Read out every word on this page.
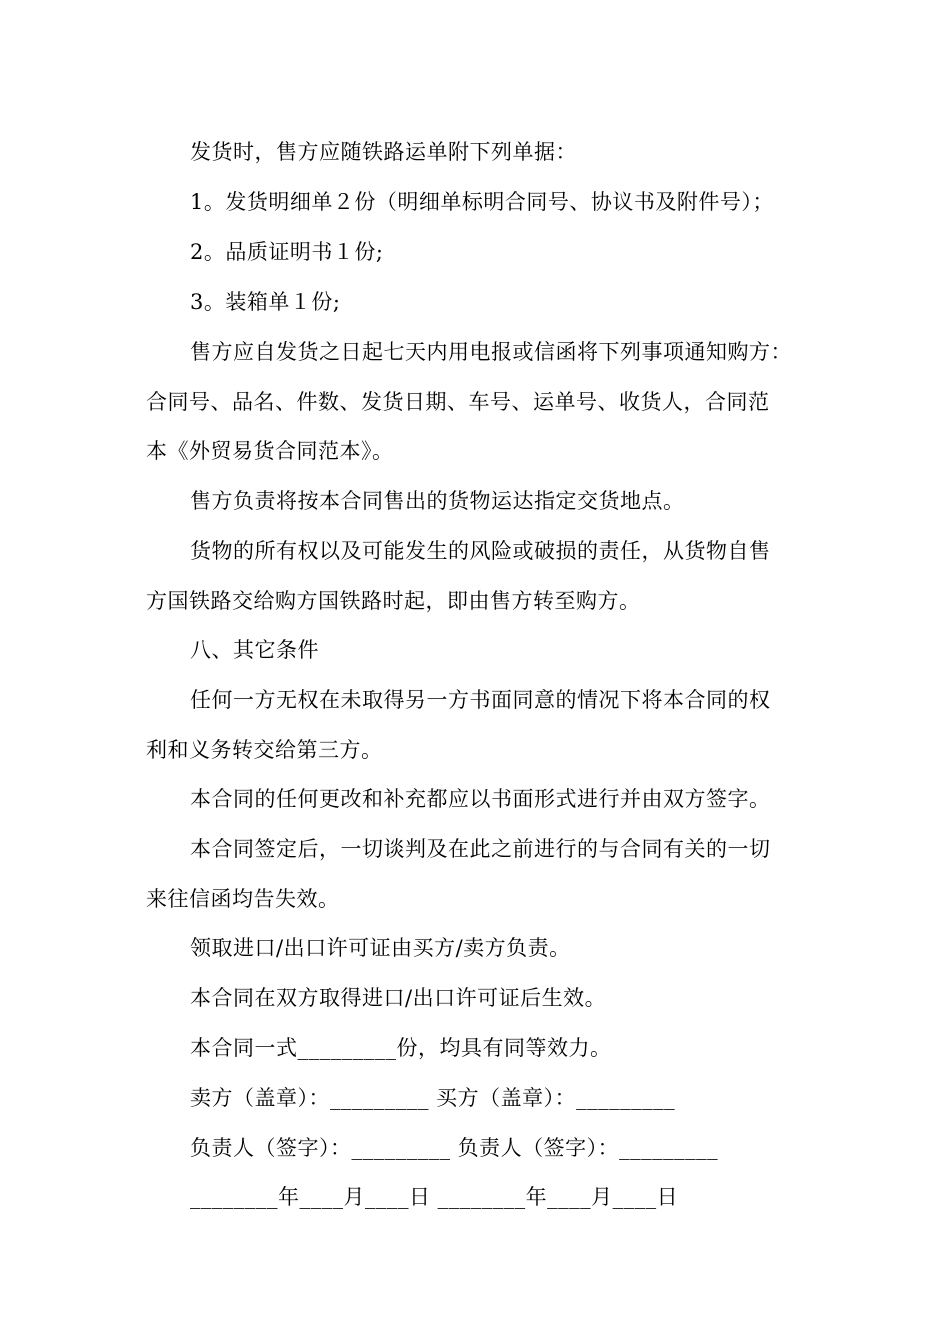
发货时，售方应随铁路运单附下列单据：
1。发货明细单２份（明细单标明合同号、协议书及附件号）；
2。品质证明书１份;
3。装箱单１份;
售方应自发货之日起七天内用电报或信函将下列事项通知购方：
合同号、品名、件数、发货日期、车号、运单号、收货人，合同范
本《外贸易货合同范本》。
售方负责将按本合同售出的货物运达指定交货地点。
货物的所有权以及可能发生的风险或破损的责任，从货物自售
方国铁路交给购方国铁路时起，即由售方转至购方。
八、其它条件
任何一方无权在未取得另一方书面同意的情况下将本合同的权
利和义务转交给第三方。
本合同的任何更改和补充都应以书面形式进行并由双方签字。
本合同签定后，一切谈判及在此之前进行的与合同有关的一切
来往信函均告失效。
领取进口/出口许可证由买方/卖方负责。
本合同在双方取得进口/出口许可证后生效。
本合同一式_________份，均具有同等效力。
卖方（盖章）：_________ 买方（盖章）：_________
负责人（签字）：_________ 负责人（签字）：_________
________年____月____日 ________年____月____日
